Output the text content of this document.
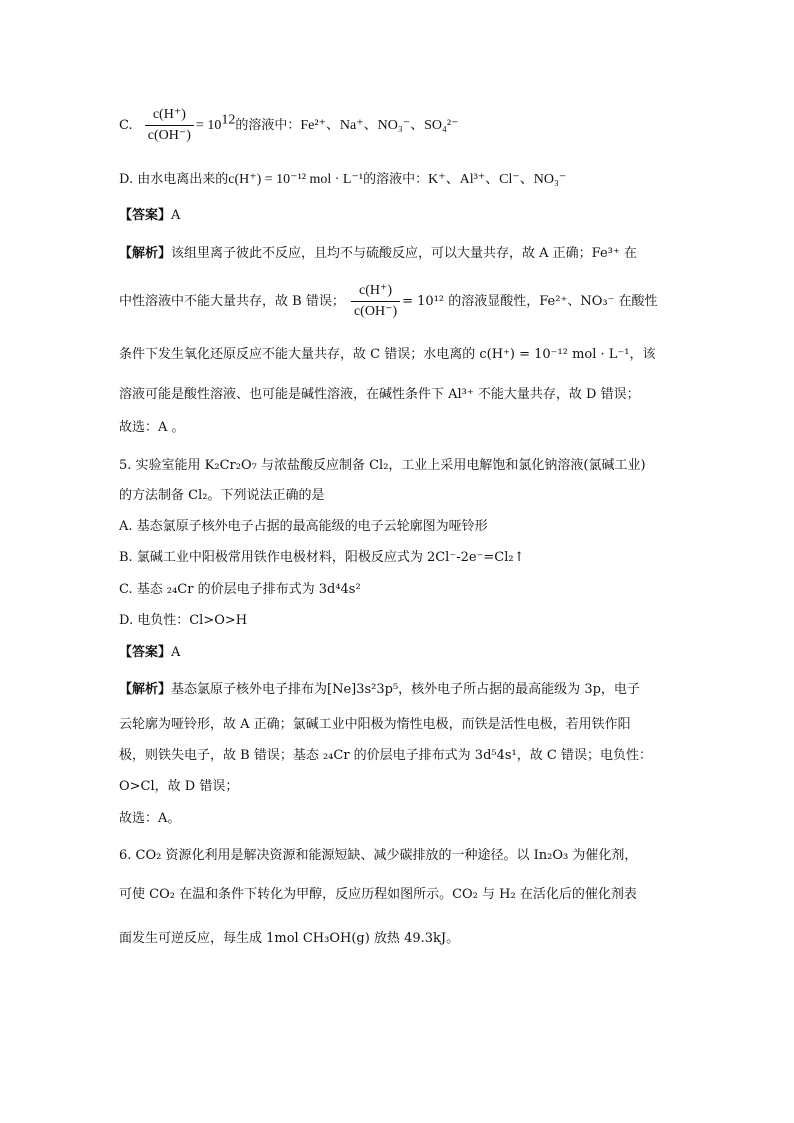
C. $\frac{c(H^+)}{c(OH^-)} = 10^{12}$的溶液中：Fe²⁺、Na⁺、NO₃⁻、SO₄²⁻
D. 由水电离出来的c(H⁺) = 10⁻¹² mol · L⁻¹的溶液中：K⁺、Al³⁺、Cl⁻、NO₃⁻
【答案】A
【解析】该组里离子彼此不反应，且均不与硫酸反应，可以大量共存，故 A 正确；Fe³⁺ 在
中性溶液中不能大量共存，故 B 错误； $\frac{c(H^+)}{c(OH^-)} = 10^{12}$ 的溶液显酸性，Fe²⁺、NO₃⁻ 在酸性
条件下发生氧化还原反应不能大量共存，故 C 错误；水电离的 c(H⁺) = 10⁻¹² mol · L⁻¹，该
溶液可能是酸性溶液、也可能是碱性溶液，在碱性条件下 Al³⁺ 不能大量共存，故 D 错误；
故选：A 。
5. 实验室能用 K₂Cr₂O₇ 与浓盐酸反应制备 Cl₂，工业上采用电解饱和氯化钠溶液(氯碱工业)
的方法制备 Cl₂。下列说法正确的是
A. 基态氯原子核外电子占据的最高能级的电子云轮廓图为哑铃形
B. 氯碱工业中阳极常用铁作电极材料，阳极反应式为 2Cl⁻-2e⁻=Cl₂↑
C. 基态 ₂₄Cr 的价层电子排布式为 3d⁴4s²
D. 电负性：Cl>O>H
【答案】A
【解析】基态氯原子核外电子排布为[Ne]3s²3p⁵，核外电子所占据的最高能级为 3p，电子
云轮廓为哑铃形，故 A 正确；氯碱工业中阳极为惰性电极，而铁是活性电极，若用铁作阳
极，则铁失电子，故 B 错误；基态 ₂₄Cr 的价层电子排布式为 3d⁵4s¹，故 C 错误；电负性：
O>Cl，故 D 错误；
故选：A。
6. CO₂ 资源化利用是解决资源和能源短缺、减少碳排放的一种途径。以 In₂O₃ 为催化剂，
可使 CO₂ 在温和条件下转化为甲醇，反应历程如图所示。CO₂ 与 H₂ 在活化后的催化剂表
面发生可逆反应，每生成 1mol CH₃OH(g) 放热 49.3kJ。
